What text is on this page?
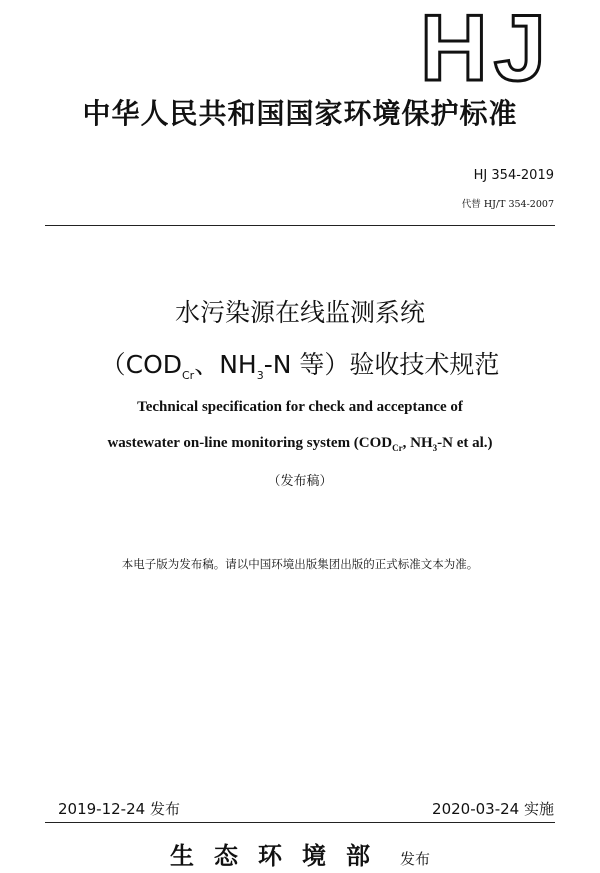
HJ
中华人民共和国国家环境保护标准
HJ 354-2019
代替 HJ/T 354-2007
水污染源在线监测系统
（$COD_{Cr}$、$NH_3-N$ 等）验收技术规范
Technical specification for check and acceptance of
wastewater on-line monitoring system ($COD_{Cr}$, $NH_3-N$ et al.)
（发布稿）
本电子版为发布稿。请以中国环境出版集团出版的正式标准文本为准。
2019-12-24 发布	2020-03-24 实施
生态环境部 发布
